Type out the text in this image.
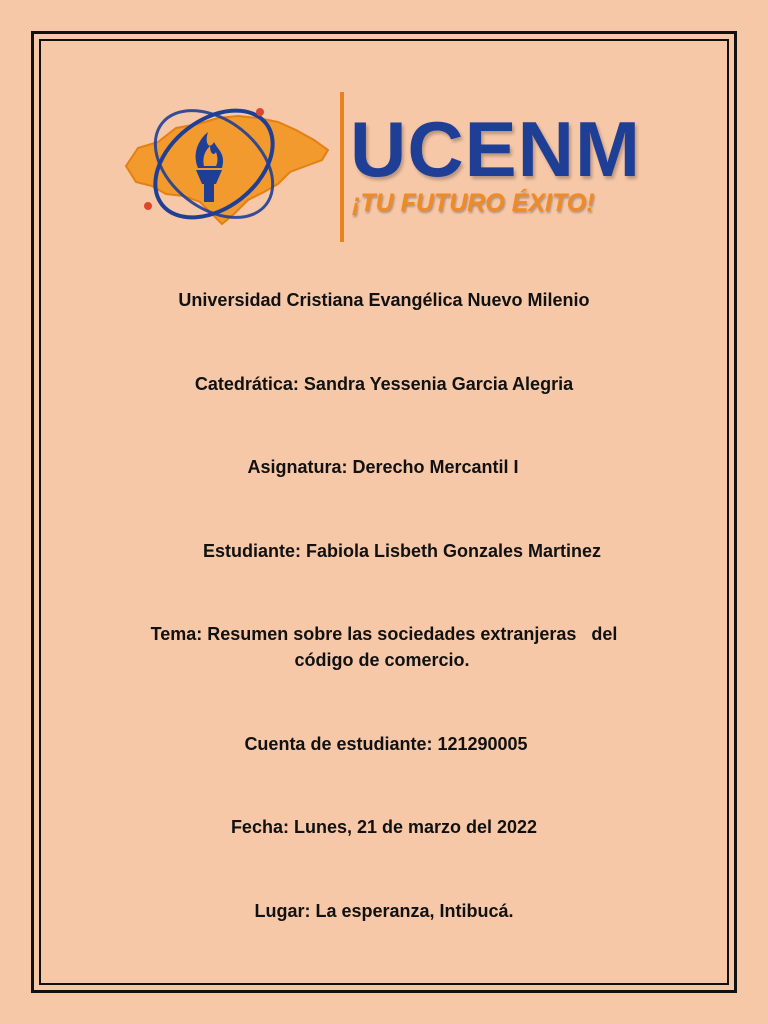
UCENM

¡TU FUTURO ÉXITO!

Universidad Cristiana Evangélica Nuevo Milenio

Catedrática: Sandra Yessenia Garcia Alegria

Asignatura: Derecho Mercantil I

Estudiante: Fabiola Lisbeth Gonzales Martinez

Tema: Resumen sobre las sociedades extranjeras   del

código de comercio.

Cuenta de estudiante: 121290005

Fecha: Lunes, 21 de marzo del 2022

Lugar: La esperanza, Intibucá.
